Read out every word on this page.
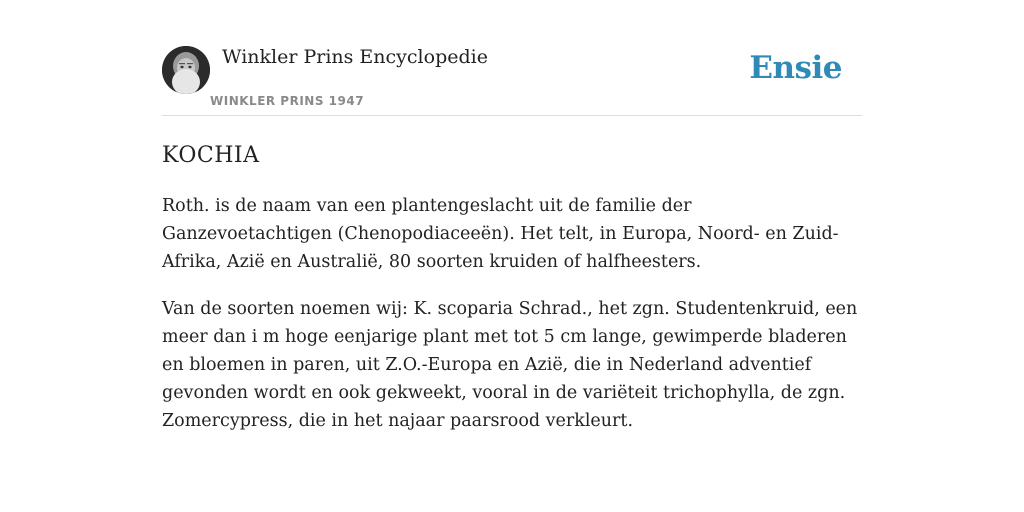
Winkler Prins Encyclopedie
WINKLER PRINS 1947
Ensie
KOCHIA

Roth. is de naam van een plantengeslacht uit de familie der Ganzevoetachtigen (Chenopodiaceeën). Het telt, in Europa, Noord- en Zuid-Afrika, Azië en Australië, 80 soorten kruiden of halfheesters.

Van de soorten noemen wij: K. scoparia Schrad., het zgn. Studentenkruid, een meer dan i m hoge eenjarige plant met tot 5 cm lange, gewimperde bladeren en bloemen in paren, uit Z.O.-Europa en Azië, die in Nederland adventief gevonden wordt en ook gekweekt, vooral in de variëteit trichophylla, de zgn. Zomercypress, die in het najaar paarsrood verkleurt.
